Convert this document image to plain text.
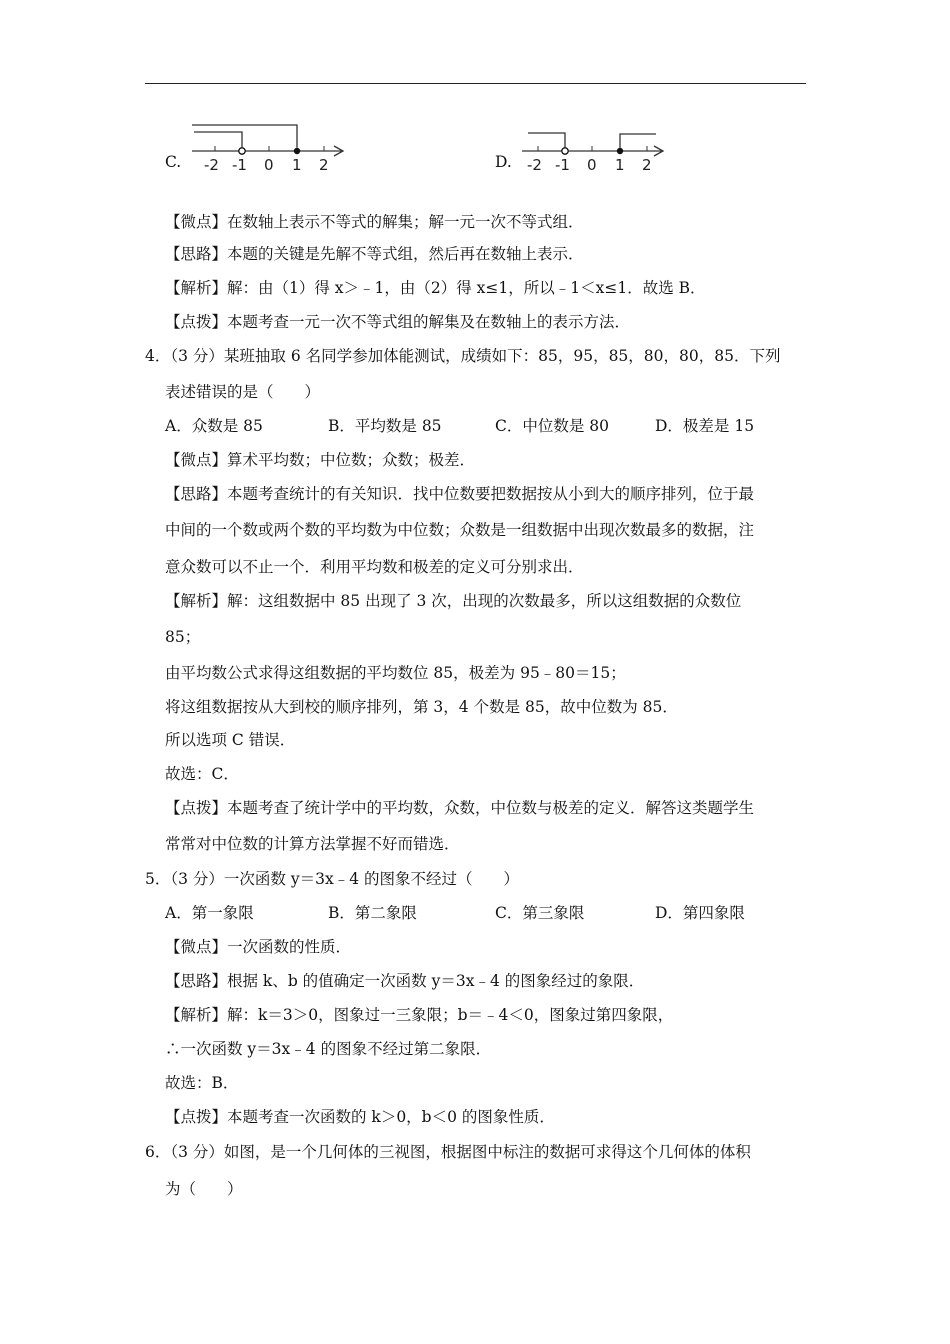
C. -2 -1 0 1 2	D. -2 -1 0 1 2
【微点】在数轴上表示不等式的解集；解一元一次不等式组．
【思路】本题的关键是先解不等式组，然后再在数轴上表示．
【解析】解：由（1）得 x＞﹣1，由（2）得 x≤1，所以﹣1＜x≤1．故选 B．
【点拨】本题考查一元一次不等式组的解集及在数轴上的表示方法．
4．（3 分）某班抽取 6 名同学参加体能测试，成绩如下：85，95，85，80，80，85．下列
表述错误的是（　　）
A．众数是 85	B．平均数是 85	C．中位数是 80	D．极差是 15
【微点】算术平均数；中位数；众数；极差．
【思路】本题考查统计的有关知识．找中位数要把数据按从小到大的顺序排列，位于最
中间的一个数或两个数的平均数为中位数；众数是一组数据中出现次数最多的数据，注
意众数可以不止一个．利用平均数和极差的定义可分别求出．
【解析】解：这组数据中 85 出现了 3 次，出现的次数最多，所以这组数据的众数位
85；
由平均数公式求得这组数据的平均数位 85，极差为 95﹣80＝15；
将这组数据按从大到校的顺序排列，第 3，4 个数是 85，故中位数为 85．
所以选项 C 错误．
故选：C．
【点拨】本题考查了统计学中的平均数，众数，中位数与极差的定义．解答这类题学生
常常对中位数的计算方法掌握不好而错选．
5．（3 分）一次函数 y＝3x﹣4 的图象不经过（　　）
A．第一象限	B．第二象限	C．第三象限	D．第四象限
【微点】一次函数的性质．
【思路】根据 k、b 的值确定一次函数 y＝3x﹣4 的图象经过的象限．
【解析】解：k＝3＞0，图象过一三象限；b＝﹣4＜0，图象过第四象限，
∴一次函数 y＝3x﹣4 的图象不经过第二象限．
故选：B．
【点拨】本题考查一次函数的 k＞0，b＜0 的图象性质．
6．（3 分）如图，是一个几何体的三视图，根据图中标注的数据可求得这个几何体的体积
为（　　）
